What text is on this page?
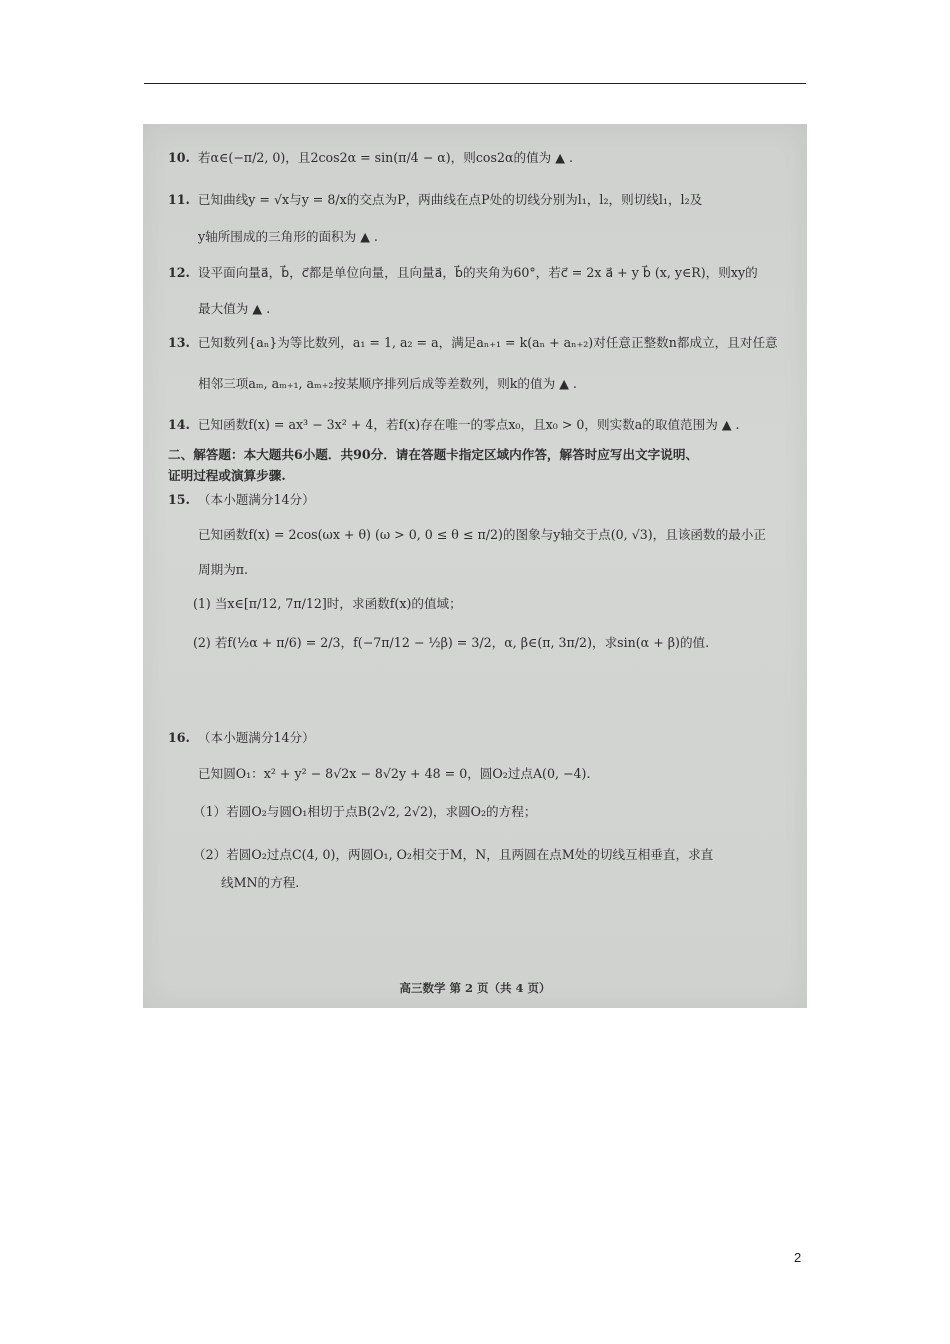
10. 若α∈(−π/2, 0)，且2cos2α = sin(π/4 − α)，则cos2α的值为 ▲ .
11. 已知曲线y = √x与y = 8/x的交点为P，两曲线在点P处的切线分别为l₁，l₂，则切线l₁，l₂及
y轴所围成的三角形的面积为 ▲ .
12. 设平面向量a⃗，b⃗，c⃗都是单位向量，且向量a⃗，b⃗的夹角为60°，若c⃗ = 2x a⃗ + y b⃗ (x, y∈R)，则xy的
最大值为 ▲ .
13. 已知数列{aₙ}为等比数列，a₁ = 1, a₂ = a，满足aₙ₊₁ = k(aₙ + aₙ₊₂)对任意正整数n都成立，且对任意
相邻三项aₘ, aₘ₊₁, aₘ₊₂按某顺序排列后成等差数列，则k的值为 ▲ .
14. 已知函数f(x) = ax³ − 3x² + 4，若f(x)存在唯一的零点x₀，且x₀ > 0，则实数a的取值范围为 ▲ .
二、解答题：本大题共6小题．共90分．请在答题卡指定区域内作答，解答时应写出文字说明、
证明过程或演算步骤.
15. （本小题满分14分）
已知函数f(x) = 2cos(ωx + θ) (ω > 0, 0 ≤ θ ≤ π/2)的图象与y轴交于点(0, √3)，且该函数的最小正
周期为π.
(1) 当x∈[π/12, 7π/12]时，求函数f(x)的值域；
(2) 若f(½α + π/6) = 2/3，f(−7π/12 − ½β) = 3/2，α, β∈(π, 3π/2)，求sin(α + β)的值.
16. （本小题满分14分）
已知圆O₁：x² + y² − 8√2x − 8√2y + 48 = 0，圆O₂过点A(0, −4).
（1）若圆O₂与圆O₁相切于点B(2√2, 2√2)，求圆O₂的方程；
（2）若圆O₂过点C(4, 0)，两圆O₁, O₂相交于M，N，且两圆在点M处的切线互相垂直，求直
线MN的方程.
高三数学 第 2 页（共 4 页）
2
